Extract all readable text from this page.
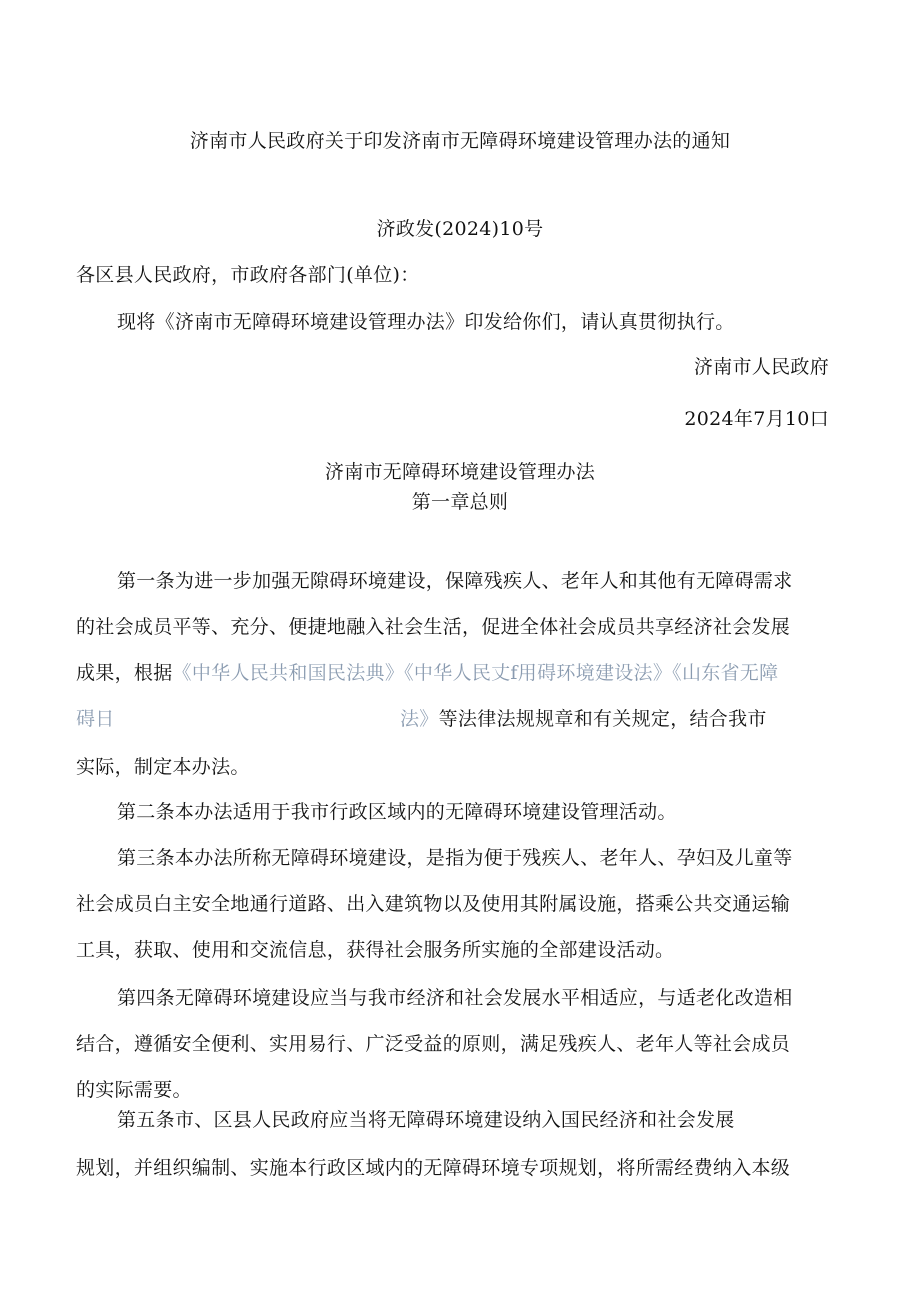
济南市人民政府关于印发济南市无障碍环境建设管理办法的通知
济政发(2024)10号
各区县人民政府，市政府各部门(单位)：
现将《济南市无障碍环境建设管理办法》印发给你们，请认真贯彻执行。
济南市人民政府
2024年7月10口
济南市无障碍环境建设管理办法
第一章总则
第一条为进一步加强无隙碍环境建设，保障残疾人、老年人和其他有无障碍需求
的社会成员平等、充分、便捷地融入社会生活，促进全体社会成员共享经济社会发展
成果，根据《中华人民共和国民法典》《中华人民丈f用碍环境建设法》《山东省无障
碍日	法》等法律法规规章和有关规定，结合我市
实际，制定本办法。
第二条本办法适用于我市行政区域内的无障碍环境建设管理活动。
第三条本办法所称无障碍环境建设，是指为便于残疾人、老年人、孕妇及儿童等
社会成员白主安全地通行道路、出入建筑物以及使用其附属设施，搭乘公共交通运输
工具，获取、使用和交流信息，获得社会服务所实施的全部建设活动。
第四条无障碍环境建设应当与我市经济和社会发展水平相适应，与适老化改造相
结合，遵循安全便利、实用易行、广泛受益的原则，满足残疾人、老年人等社会成员
的实际需要。
第五条市、区县人民政府应当将无障碍环境建设纳入国民经济和社会发展
规划，并组织编制、实施本行政区域内的无障碍环境专项规划，将所需经费纳入本级
